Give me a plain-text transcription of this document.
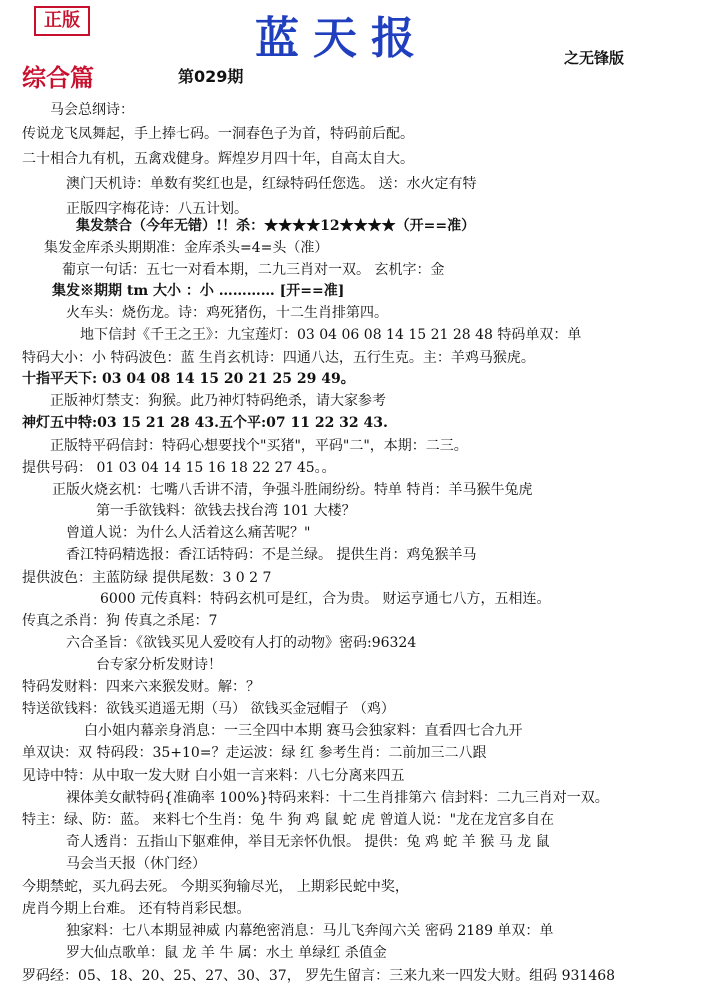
正版	蓝天报
综合篇	第029期
之无锋版
马会总纲诗：
传说龙飞凤舞起，手上捧七码。一洞春色子为首，特码前后配。
二十相合九有机，五禽戏健身。辉煌岁月四十年，自高太自大。
澳门天机诗：单数有奖红也是，红绿特码任您选。 送：水火定有特
正版四字梅花诗：八五计划。
集发禁合（今年无错）!！杀：★★★★12★★★★（开==准）
集发金库杀头期期准：金库杀头=4=头（准）
葡京一句话：五七一对看本期，二九三肖对一双。 玄机字：金
集发※期期 tm 大小 ：小 ………… [开==准]
火车头：烧伤龙。诗：鸡死猪伤，十二生肖排第四。
地下信封《千王之王》：九宝莲灯：03 04 06 08 14 15 21 28 48 特码单双：单
特码大小：小 特码波色：蓝 生肖玄机诗：四通八达，五行生克。主：羊鸡马猴虎。
十指平天下: 03 04 08 14 15 20 21 25 29 49。
正版神灯禁支：狗猴。此乃神灯特码绝杀，请大家参考
神灯五中特:03 15 21 28 43.五个平:07 11 22 32 43.
正版特平码信封：特码心想要找个"买猪"，平码"二"，本期：二三。
提供号码： 01 03 04 14 15 16 18 22 27 45。。
正版火烧玄机：七嘴八舌讲不清，争强斗胜闹纷纷。特单 特肖：羊马猴牛兔虎
第一手欲钱料：欲钱去找台湾 101 大楼？
曾道人说：为什么人活着这么痛苦呢？"
香江特码精选报：香江话特码：不是兰绿。 提供生肖：鸡兔猴羊马
提供波色：主蓝防绿 提供尾数：3 0 2 7
6000 元传真料：特码玄机可是红，合为贵。 财运亨通七八方，五相连。
传真之杀肖：狗 传真之杀尾：7
六合圣旨：《欲钱买见人爱咬有人打的动物》密码:96324
台专家分析发财诗！
特码发财料：四来六来猴发财。解：？
特送欲钱料：欲钱买逍遥无期（马） 欲钱买金冠帽子 （鸡）
白小姐内幕亲身消息：一三全四中本期 赛马会独家料：直看四七合九开
单双诀：双 特码段：35+10=？走运波：绿 红 参考生肖：二前加三二八跟
见诗中特：从中取一发大财 白小姐一言来料：八七分离来四五
裸体美女献特码{准确率 100%}特码来料：十二生肖排第六 信封料：二九三肖对一双。
特主：绿、防：蓝。 来料七个生肖：兔 牛 狗 鸡 鼠 蛇 虎 曾道人说："龙在龙宫多自在
奇人透肖：五指山下躯难伸，举目无亲怀仇恨。 提供：兔 鸡 蛇 羊 猴 马 龙 鼠
马会当天报（休门经）
今期禁蛇，买九码去死。 今期买狗输尽光， 上期彩民蛇中奖，
虎肖今期上台难。 还有特肖彩民想。
独家料：七八本期显神威 内幕绝密消息：马儿飞奔闯六关 密码 2189 单双：单
罗大仙点歌单：鼠 龙 羊 牛 属：水土 单绿红 杀值金
罗码经：05、18、20、25、27、30、37， 罗先生留言：三来九来一四发大财。组码 931468
